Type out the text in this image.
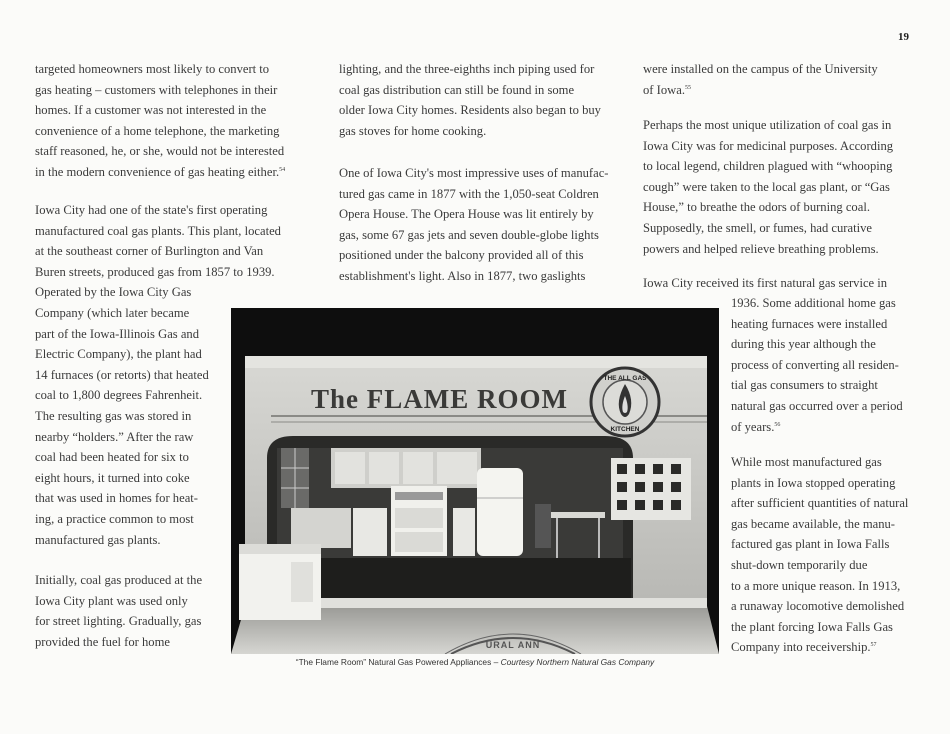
19

targeted homeowners most likely to convert to
gas heating – customers with telephones in their
homes. If a customer was not interested in the
convenience of a home telephone, the marketing
staff reasoned, he, or she, would not be interested
in the modern convenience of gas heating either.$^{54}$

Iowa City had one of the state's first operating
manufactured coal gas plants. This plant, located
at the southeast corner of Burlington and Van
Buren streets, produced gas from 1857 to 1939.
Operated by the Iowa City Gas
Company (which later became
part of the Iowa-Illinois Gas and
Electric Company), the plant had
14 furnaces (or retorts) that heated
coal to 1,800 degrees Fahrenheit.
The resulting gas was stored in
nearby “holders.” After the raw
coal had been heated for six to
eight hours, it turned into coke
that was used in homes for heat-
ing, a practice common to most
manufactured gas plants.

Initially, coal gas produced at the
Iowa City plant was used only
for street lighting. Gradually, gas
provided the fuel for home

lighting, and the three-eighths inch piping used for
coal gas distribution can still be found in some
older Iowa City homes. Residents also began to buy
gas stoves for home cooking.

One of Iowa City's most impressive uses of manufac-
tured gas came in 1877 with the 1,050-seat Coldren
Opera House. The Opera House was lit entirely by
gas, some 67 gas jets and seven double-globe lights
positioned under the balcony provided all of this
establishment's light. Also in 1877, two gaslights

were installed on the campus of the University
of Iowa.$^{55}$

Perhaps the most unique utilization of coal gas in
Iowa City was for medicinal purposes. According
to local legend, children plagued with “whooping
cough” were taken to the local gas plant, or “Gas
House,” to breathe the odors of burning coal.
Supposedly, the smell, or fumes, had curative
powers and helped relieve breathing problems.

Iowa City received its first natural gas service in

1936. Some additional home gas
heating furnaces were installed
during this year although the
process of converting all residen-
tial gas consumers to straight
natural gas occurred over a period
of years.$^{56}$

While most manufactured gas
plants in Iowa stopped operating
after sufficient quantities of natural
gas became available, the manu-
factured gas plant in Iowa Falls
shut-down temporarily due
to a more unique reason. In 1913,
a runaway locomotive demolished
the plant forcing Iowa Falls Gas
Company into receivership.$^{57}$

URAL ANN
The FLAME ROOM
THE ALL GAS
KITCHEN
“The Flame Room” Natural Gas Powered Appliances – Courtesy Northern Natural Gas Company
